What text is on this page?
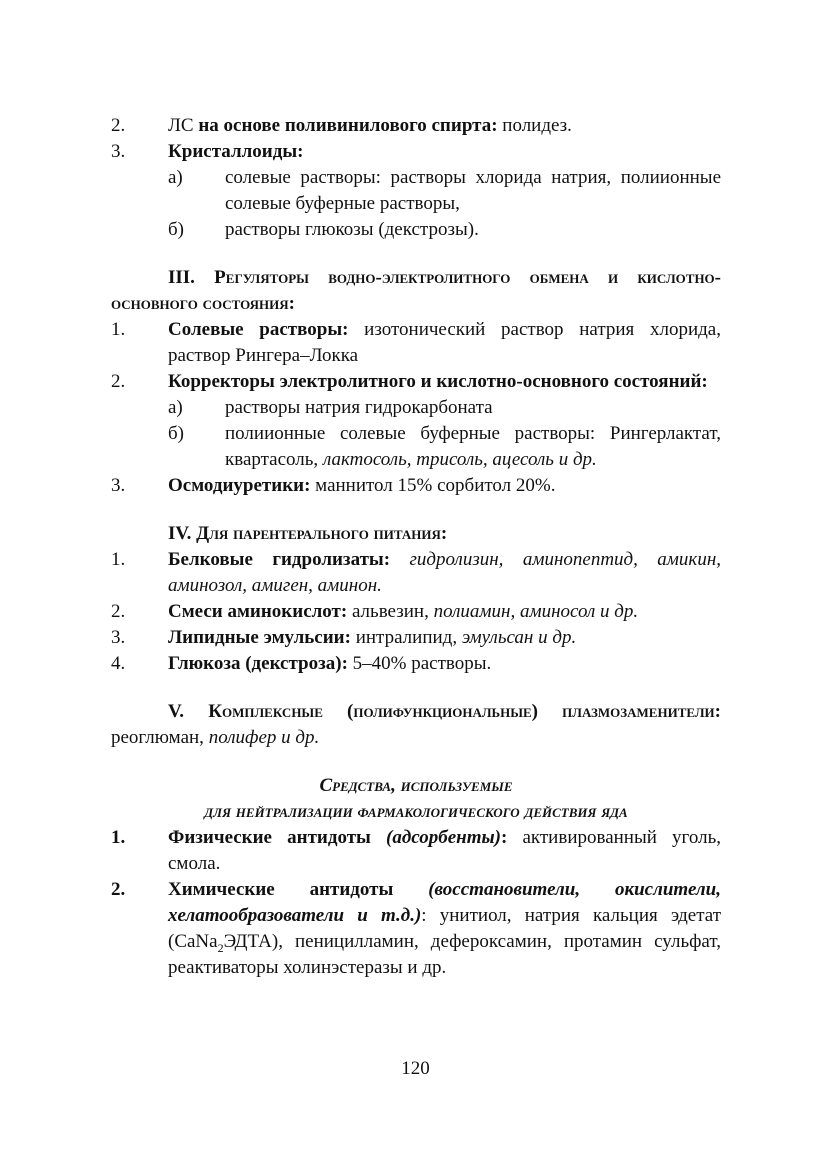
2.	ЛС на основе поливинилового спирта: полидез.
3.	Кристаллоиды:
а)	солевые растворы: растворы хлорида натрия, полиионные солевые буферные растворы,
б)	растворы глюкозы (декстрозы).
III. Регуляторы водно-электролитного обмена и кислотно-основного состояния:
1.	Солевые растворы: изотонический раствор натрия хлорида, раствор Рингера–Локка
2.	Корректоры электролитного и кислотно-основного состояний:
а)	растворы натрия гидрокарбоната
б)	полиионные солевые буферные растворы: Рингерлактат, квартасоль, лактосоль, трисоль, ацесоль и др.
3.	Осмодиуретики: маннитол 15% сорбитол 20%.
IV. Для парентерального питания:
1.	Белковые гидролизаты: гидролизин, аминопептид, амикин, аминозол, амиген, аминон.
2.	Смеси аминокислот: альвезин, полиамин, аминосол и др.
3.	Липидные эмульсии: интралипид, эмульсан и др.
4.	Глюкоза (декстроза): 5–40% растворы.
V. Комплексные (полифункциональные) плазмозаменители: реоглюман, полифер и др.
Средства, используемые
для нейтрализации фармакологического действия яда
1.	Физические антидоты (адсорбенты): активированный уголь, смола.
2.	Химические антидоты (восстановители, окислители, хелатообразователи и т.д.): унитиол, натрия кальция эдетат (CaNa$_2$ЭДТА), пеницилламин, дефероксамин, протамин сульфат, реактиваторы холинэстеразы и др.
120
